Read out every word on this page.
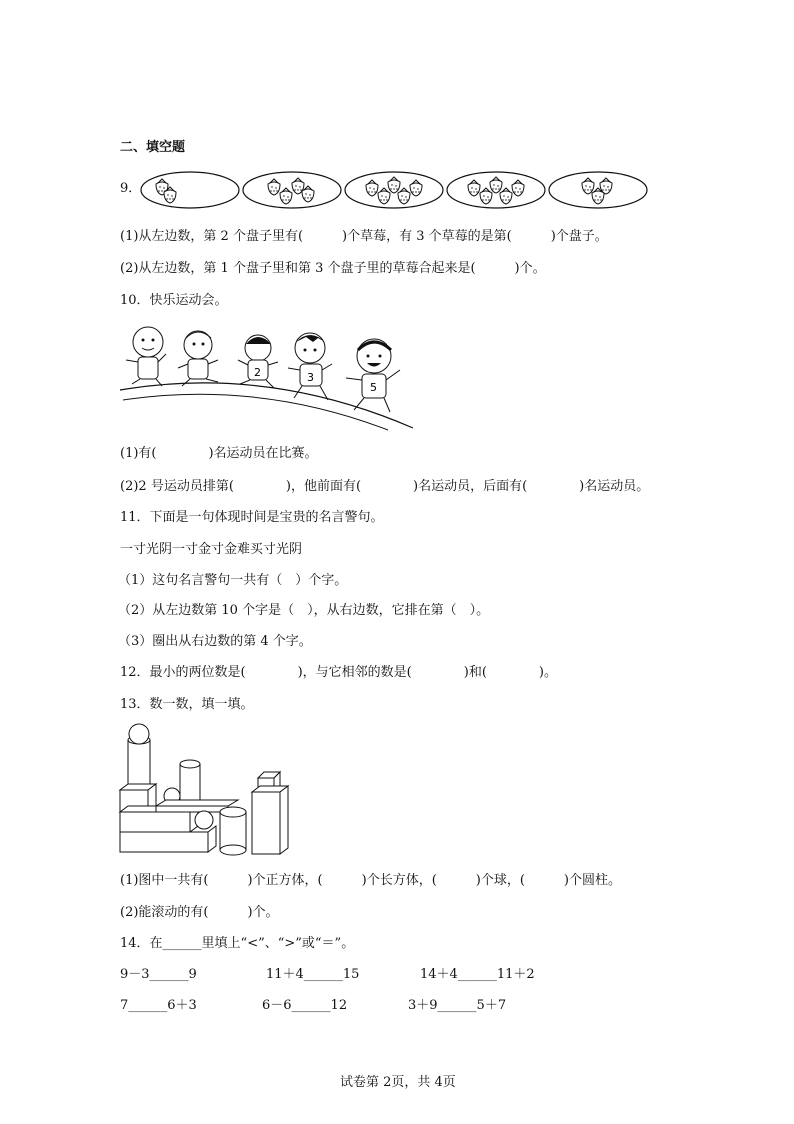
二、填空题
9．
(1)从左边数，第 2 个盘子里有(　　　)个草莓，有 3 个草莓的是第(　　　)个盘子。
(2)从左边数，第 1 个盘子里和第 3 个盘子里的草莓合起来是(　　　)个。
10．快乐运动会。
2	3
5
(1)有(　　　　)名运动员在比赛。
(2)2 号运动员排第(　　　　)，他前面有(　　　　)名运动员，后面有(　　　　)名运动员。
11．下面是一句体现时间是宝贵的名言警句。
一寸光阴一寸金寸金难买寸光阴
（1）这句名言警句一共有（　）个字。
（2）从左边数第 10 个字是（　），从右边数，它排在第（　）。
（3）圈出从右边数的第 4 个字。
12．最小的两位数是(　　　　)，与它相邻的数是(　　　　)和(　　　　)。
13．数一数，填一填。
(1)图中一共有(　　　)个正方体，(　　　)个长方体，(　　　)个球，(　　　)个圆柱。
(2)能滚动的有(　　　)个。
14．在______里填上“<”、“>”或“＝”。
9－3______9	11＋4______15	14＋4______11＋2
7______6＋3	6－6______12	3＋9______5＋7
试卷第 2页，共 4页
